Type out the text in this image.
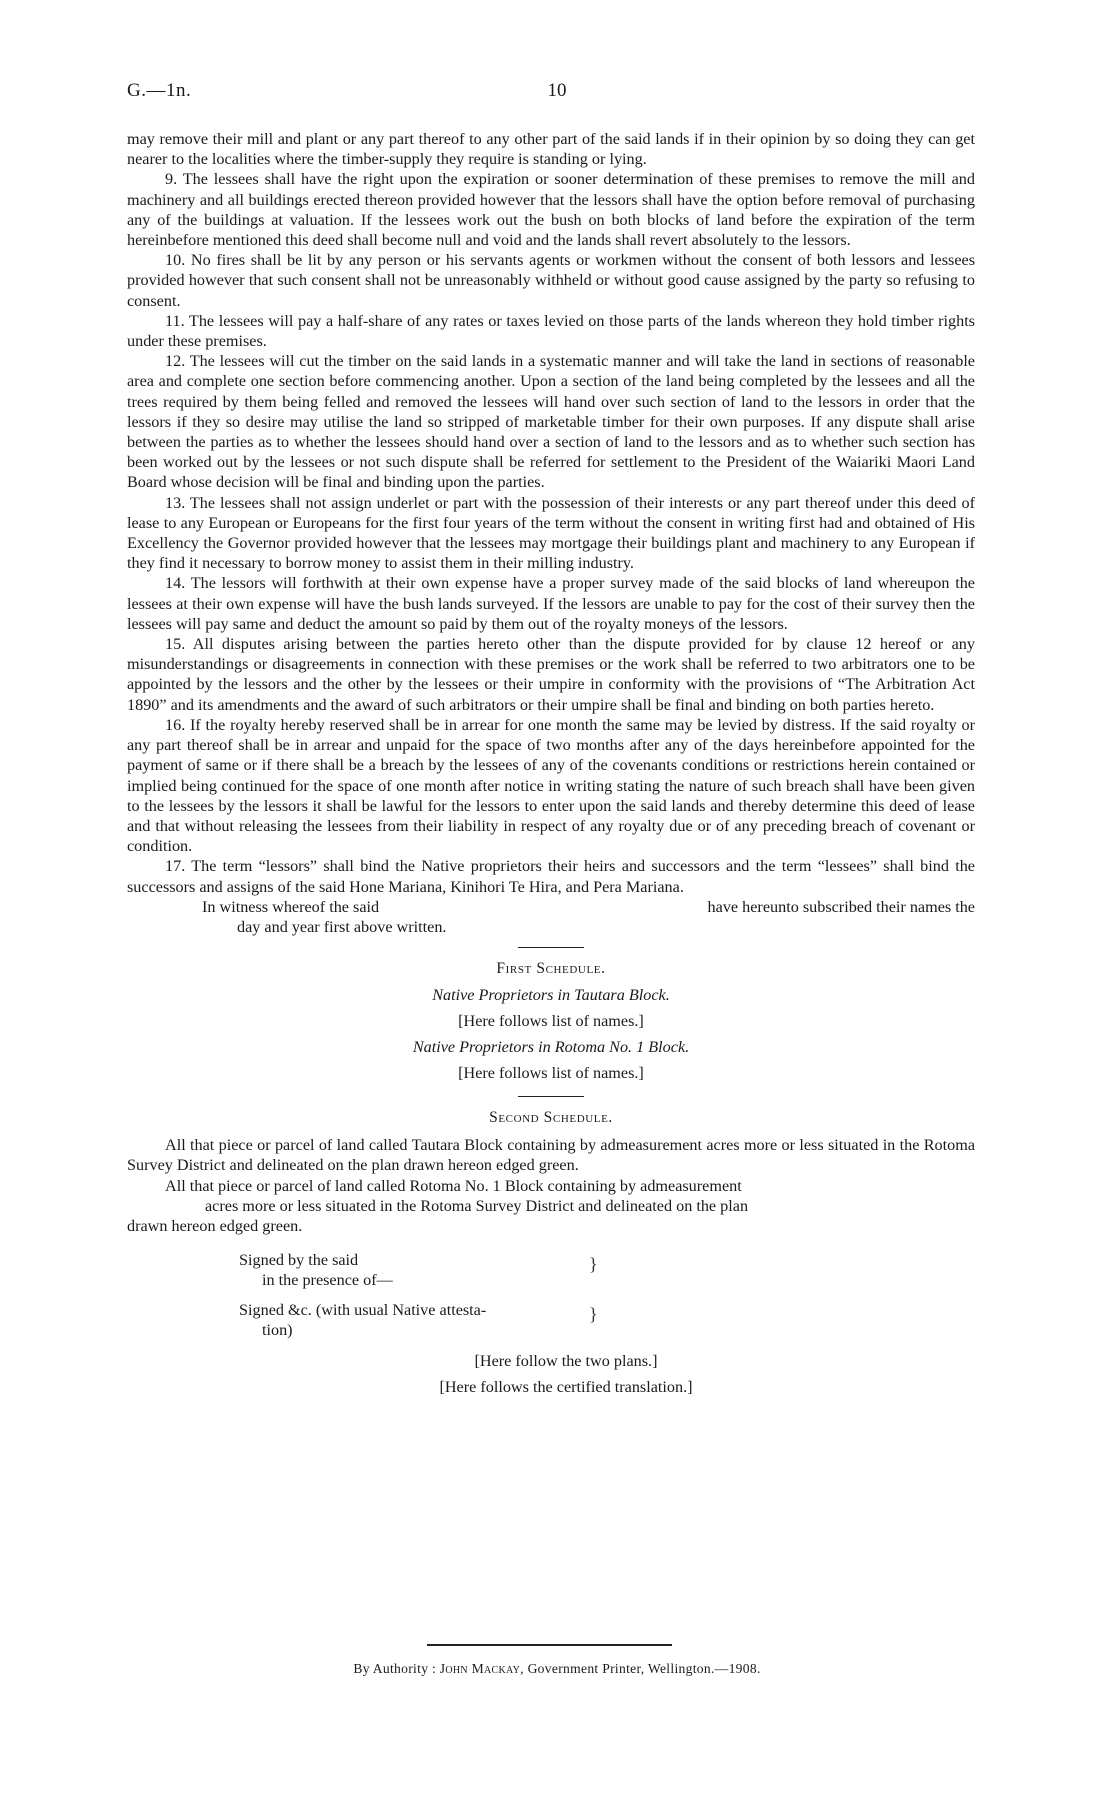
G.—1n.	10

may remove their mill and plant or any part thereof to any other part of the said lands if in their opinion by so doing they can get nearer to the localities where the timber-supply they require is standing or lying.

9. The lessees shall have the right upon the expiration or sooner determination of these premises to remove the mill and machinery and all buildings erected thereon provided however that the lessors shall have the option before removal of purchasing any of the buildings at valuation. If the lessees work out the bush on both blocks of land before the expiration of the term hereinbefore mentioned this deed shall become null and void and the lands shall revert absolutely to the lessors.

10. No fires shall be lit by any person or his servants agents or workmen without the consent of both lessors and lessees provided however that such consent shall not be unreasonably withheld or without good cause assigned by the party so refusing to consent.

11. The lessees will pay a half-share of any rates or taxes levied on those parts of the lands whereon they hold timber rights under these premises.

12. The lessees will cut the timber on the said lands in a systematic manner and will take the land in sections of reasonable area and complete one section before commencing another. Upon a section of the land being completed by the lessees and all the trees required by them being felled and removed the lessees will hand over such section of land to the lessors in order that the lessors if they so desire may utilise the land so stripped of marketable timber for their own purposes. If any dispute shall arise between the parties as to whether the lessees should hand over a section of land to the lessors and as to whether such section has been worked out by the lessees or not such dispute shall be referred for settlement to the President of the Waiariki Maori Land Board whose decision will be final and binding upon the parties.

13. The lessees shall not assign underlet or part with the possession of their interests or any part thereof under this deed of lease to any European or Europeans for the first four years of the term without the consent in writing first had and obtained of His Excellency the Governor provided however that the lessees may mortgage their buildings plant and machinery to any European if they find it necessary to borrow money to assist them in their milling industry.

14. The lessors will forthwith at their own expense have a proper survey made of the said blocks of land whereupon the lessees at their own expense will have the bush lands surveyed. If the lessors are unable to pay for the cost of their survey then the lessees will pay same and deduct the amount so paid by them out of the royalty moneys of the lessors.

15. All disputes arising between the parties hereto other than the dispute provided for by clause 12 hereof or any misunderstandings or disagreements in connection with these premises or the work shall be referred to two arbitrators one to be appointed by the lessors and the other by the lessees or their umpire in conformity with the provisions of “The Arbitration Act 1890” and its amendments and the award of such arbitrators or their umpire shall be final and binding on both parties hereto.

16. If the royalty hereby reserved shall be in arrear for one month the same may be levied by distress. If the said royalty or any part thereof shall be in arrear and unpaid for the space of two months after any of the days hereinbefore appointed for the payment of same or if there shall be a breach by the lessees of any of the covenants conditions or restrictions herein contained or implied being continued for the space of one month after notice in writing stating the nature of such breach shall have been given to the lessees by the lessors it shall be lawful for the lessors to enter upon the said lands and thereby determine this deed of lease and that without releasing the lessees from their liability in respect of any royalty due or of any preceding breach of covenant or condition.

17. The term “lessors” shall bind the Native proprietors their heirs and successors and the term “lessees” shall bind the successors and assigns of the said Hone Mariana, Kinihori Te Hira, and Pera Mariana.

In witness whereof the said	have hereunto subscribed their names the
day and year first above written.
First Schedule.
Native Proprietors in Tautara Block.
[Here follows list of names.]
Native Proprietors in Rotoma No. 1 Block.
[Here follows list of names.]
Second Schedule.

All that piece or parcel of land called Tautara Block containing by admeasurement acres more or less situated in the Rotoma Survey District and delineated on the plan drawn hereon edged green.

All that piece or parcel of land called Rotoma No. 1 Block containing by admeasurement

acres more or less situated in the Rotoma Survey District and delineated on the plan

drawn hereon edged green.

Signed by the said
in the presence of—
}
Signed &c. (with usual Native attesta-
tion)
}
[Here follow the two plans.]
[Here follows the certified translation.]
By Authority : John Mackay, Government Printer, Wellington.—1908.
